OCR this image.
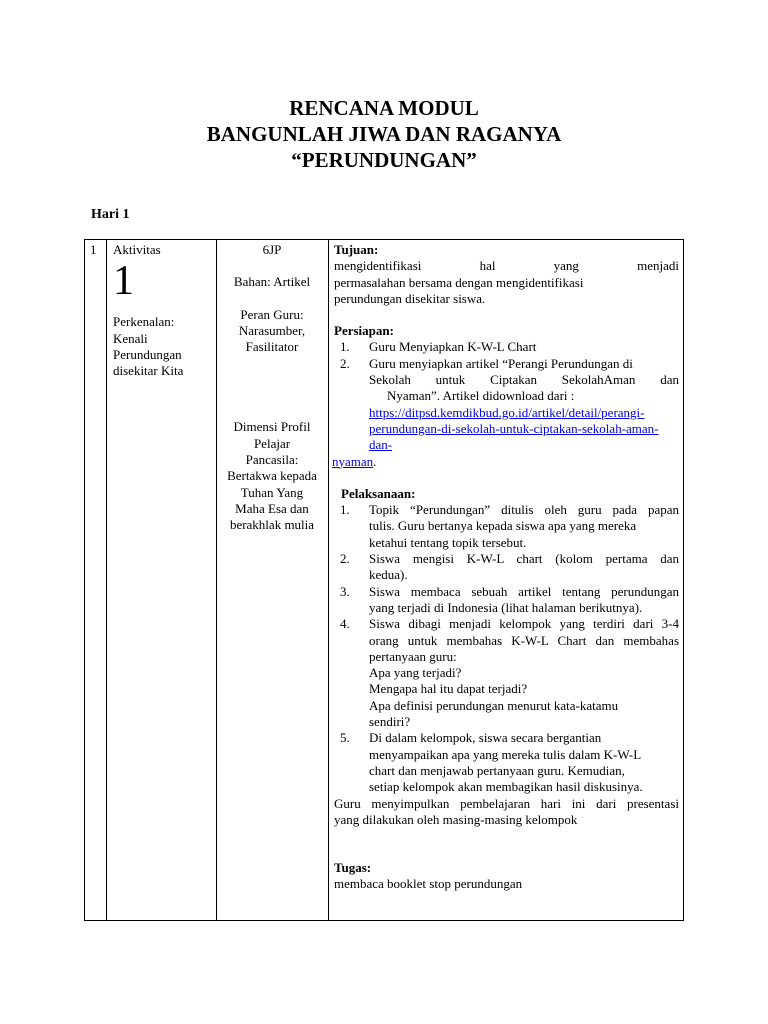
RENCANA MODUL
BANGUNLAH JIWA DAN RAGANYA
“PERUNDUNGAN”
Hari 1
1 Aktivitas
1
Perkenalan:
Kenali
Perundungan
disekitar Kita
6JP
Bahan: Artikel
Peran Guru:
Narasumber,
Fasilitator
Dimensi Profil
Pelajar
Pancasila:
Bertakwa kepada
Tuhan Yang
Maha Esa dan
berakhlak mulia
Tujuan:
mengidentifikasi hal yang menjadi
permasalahan bersama dengan mengidentifikasi
perundungan disekitar siswa.
Persiapan:
1. Guru Menyiapkan K-W-L Chart
2. Guru menyiapkan artikel “Perangi Perundungan di
Sekolah untuk Ciptakan SekolahAman dan
Nyaman”. Artikel didownload dari :
https://ditpsd.kemdikbud.go.id/artikel/detail/perangi-
perundungan-di-sekolah-untuk-ciptakan-sekolah-aman-
dan-
nyaman.
Pelaksanaan:
1. Topik “Perundungan” ditulis oleh guru pada papan
tulis. Guru bertanya kepada siswa apa yang mereka
ketahui tentang topik tersebut.
2. Siswa mengisi K-W-L chart (kolom pertama dan
kedua).
3. Siswa membaca sebuah artikel tentang perundungan
yang terjadi di Indonesia (lihat halaman berikutnya).
4. Siswa dibagi menjadi kelompok yang terdiri dari 3-4
orang untuk membahas K-W-L Chart dan membahas
pertanyaan guru:
Apa yang terjadi?
Mengapa hal itu dapat terjadi?
Apa definisi perundungan menurut kata-katamu
sendiri?
5. Di dalam kelompok, siswa secara bergantian
menyampaikan apa yang mereka tulis dalam K-W-L
chart dan menjawab pertanyaan guru. Kemudian,
setiap kelompok akan membagikan hasil diskusinya.
Guru menyimpulkan pembelajaran hari ini dari presentasi
yang dilakukan oleh masing-masing kelompok
Tugas:
membaca booklet stop perundungan
